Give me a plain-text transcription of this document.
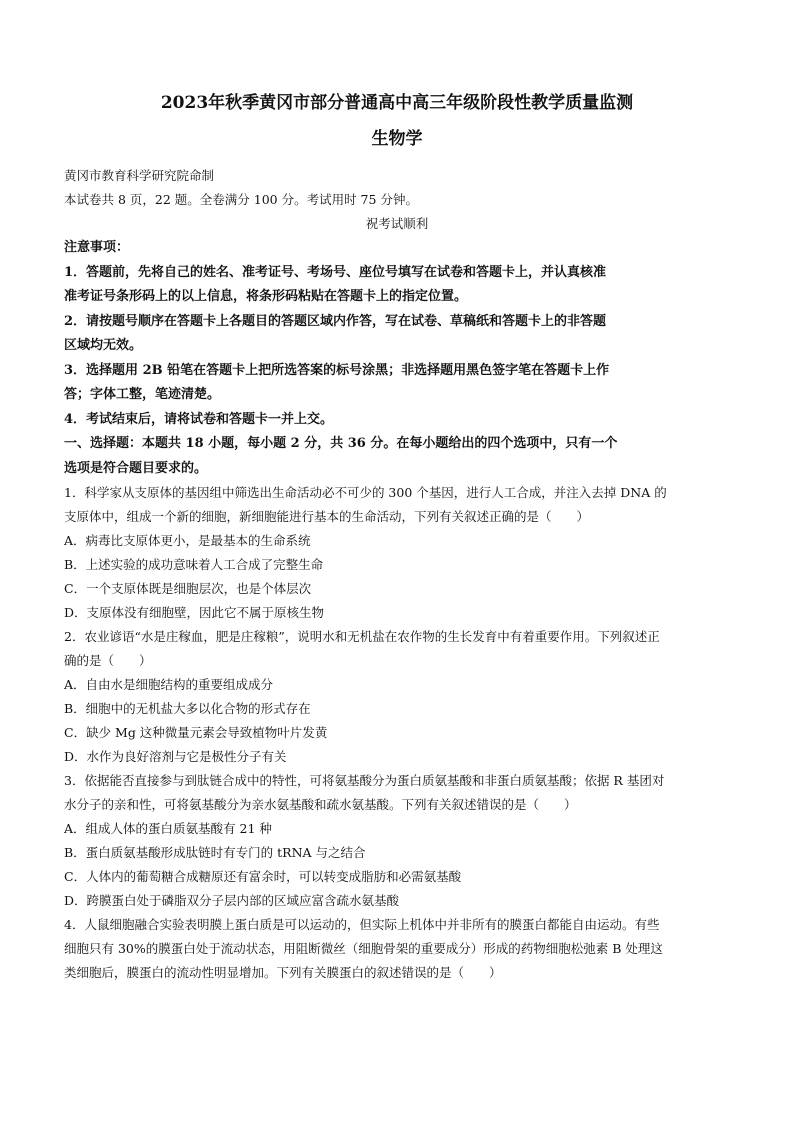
2023年秋季黄冈市部分普通高中高三年级阶段性教学质量监测
生物学

黄冈市教育科学研究院命制

本试卷共 8 页，22 题。全卷满分 100 分。考试用时 75 分钟。

祝考试顺利

注意事项：

1．答题前，先将自己的姓名、准考证号、考场号、座位号填写在试卷和答题卡上，并认真核准

准考证号条形码上的以上信息，将条形码粘贴在答题卡上的指定位置。

2．请按题号顺序在答题卡上各题目的答题区域内作答，写在试卷、草稿纸和答题卡上的非答题

区域均无效。

3．选择题用 2B 铅笔在答题卡上把所选答案的标号涂黑；非选择题用黑色签字笔在答题卡上作

答；字体工整，笔迹清楚。

4．考试结束后，请将试卷和答题卡一并上交。

一、选择题：本题共 18 小题，每小题 2 分，共 36 分。在每小题给出的四个选项中，只有一个

选项是符合题目要求的。

1．科学家从支原体的基因组中筛选出生命活动必不可少的 300 个基因，进行人工合成，并注入去掉 DNA 的

支原体中，组成一个新的细胞，新细胞能进行基本的生命活动，下列有关叙述正确的是（　　）

A．病毒比支原体更小，是最基本的生命系统

B．上述实验的成功意味着人工合成了完整生命

C．一个支原体既是细胞层次，也是个体层次

D．支原体没有细胞壁，因此它不属于原核生物

2．农业谚语“水是庄稼血，肥是庄稼粮”，说明水和无机盐在农作物的生长发育中有着重要作用。下列叙述正

确的是（　　）

A．自由水是细胞结构的重要组成成分

B．细胞中的无机盐大多以化合物的形式存在

C．缺少 Mg 这种微量元素会导致植物叶片发黄

D．水作为良好溶剂与它是极性分子有关

3．依据能否直接参与到肽链合成中的特性，可将氨基酸分为蛋白质氨基酸和非蛋白质氨基酸；依据 R 基团对

水分子的亲和性，可将氨基酸分为亲水氨基酸和疏水氨基酸。下列有关叙述错误的是（　　）

A．组成人体的蛋白质氨基酸有 21 种

B．蛋白质氨基酸形成肽链时有专门的 tRNA 与之结合

C．人体内的葡萄糖合成糖原还有富余时，可以转变成脂肪和必需氨基酸

D．跨膜蛋白处于磷脂双分子层内部的区域应富含疏水氨基酸

4．人鼠细胞融合实验表明膜上蛋白质是可以运动的，但实际上机体中并非所有的膜蛋白都能自由运动。有些

细胞只有 30%的膜蛋白处于流动状态，用阻断微丝（细胞骨架的重要成分）形成的药物细胞松弛素 B 处理这

类细胞后，膜蛋白的流动性明显增加。下列有关膜蛋白的叙述错误的是（　　）
